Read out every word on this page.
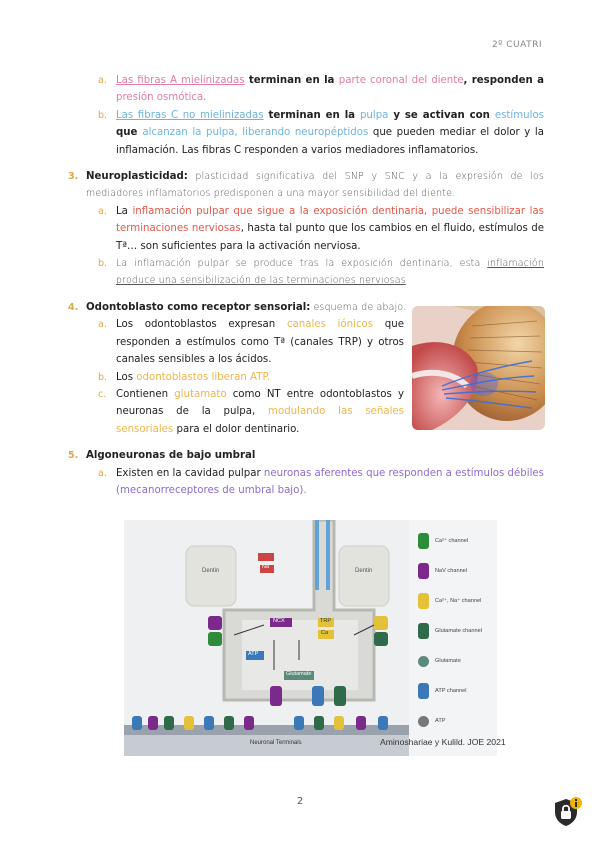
2º CUATRI
a. Las fibras A mielinizadas terminan en la parte coronal del diente, responden a presión osmótica.
b. Las fibras C no mielinizadas terminan en la pulpa y se activan con estímulos que alcanzan la pulpa, liberando neuropéptidos que pueden mediar el dolor y la inflamación. Las fibras C responden a varios mediadores inflamatorios.
3. Neuroplasticidad: plasticidad significativa del SNP y SNC y a la expresión de los mediadores inflamatorios predisponen a una mayor sensibilidad del diente.
a. La inflamación pulpar que sigue a la exposición dentinaria, puede sensibilizar las terminaciones nerviosas, hasta tal punto que los cambios en el fluido, estímulos de Tª… son suficientes para la activación nerviosa.
b. La inflamación pulpar se produce tras la exposición dentinaria, esta inflamación produce una sensibilización de las terminaciones nerviosas
4. Odontoblasto como receptor sensorial: esquema de abajo.
a. Los odontoblastos expresan canales iónicos que responden a estímulos como Tª (canales TRP) y otros canales sensibles a los ácidos.
b. Los odontoblastos liberan ATP.
c. Contienen glutamato como NT entre odontoblastos y neuronas de la pulpa, modulando las señales sensoriales para el dolor dentinario.
5. Algoneuronas de bajo umbral
a. Existen en la cavidad pulpar neuronas aferentes que responden a estímulos débiles (mecanorreceptores de umbral bajo).
Dentin	Dentin
NCX
Na
TRP
Ca
ATP
Glutamate
Neuronal Terminals
Ca²⁺ channel
NaV channel
Ca²⁺, Na⁺ channel
Glutamate channel
Glutamate
ATP channel
ATP
Aminoshariae y Kulild. JOE 2021
2
